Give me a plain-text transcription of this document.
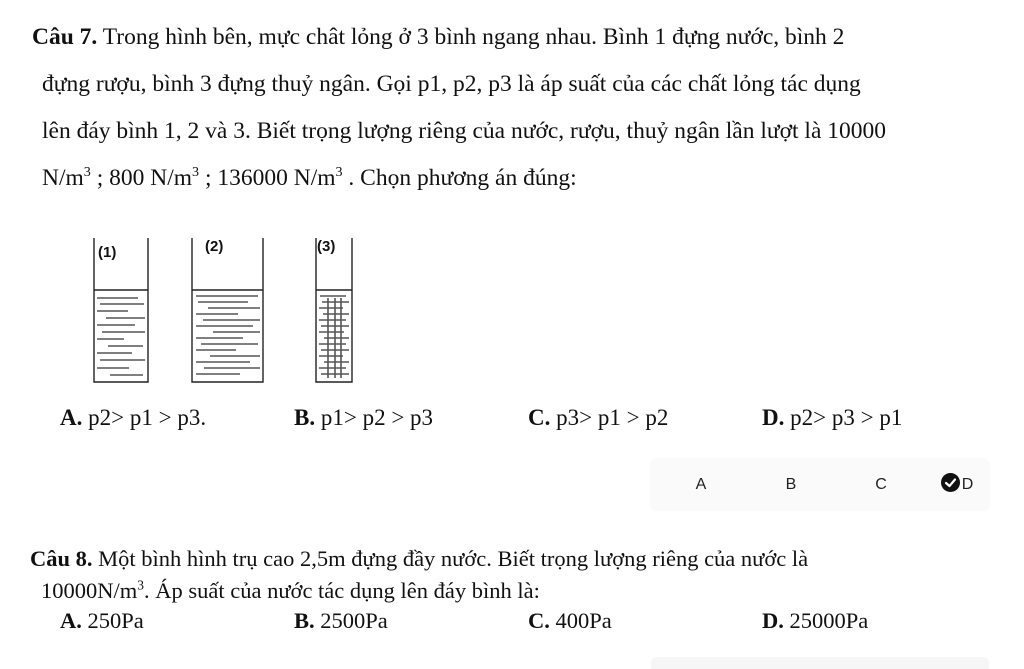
Câu 7. Trong hình bên, mực chât lỏng ở 3 bình ngang nhau. Bình 1 đựng nước, bình 2

đựng rượu, bình 3 đựng thuỷ ngân. Gọi p1, p2, p3 là áp suất của các chất lỏng tác dụng

lên đáy bình 1, 2 và 3. Biết trọng lượng riêng của nước, rượu, thuỷ ngân lần lượt là 10000

$N/m^3$ ; 800 $N/m^3$ ; 136000 $N/m^3$ . Chọn phương án đúng:

(1)	(2)	(3)
A. p2> p1 > p3.	B. p1> p2 > p3	C. p3> p1 > p2	D. p2> p3 > p1
A	B	C	D

Câu 8. Một bình hình trụ cao 2,5m đựng đầy nước. Biết trọng lượng riêng của nước là

$10000N/m^3$. Áp suất của nước tác dụng lên đáy bình là:

A. 250Pa	B. 2500Pa	C. 400Pa	D. 25000Pa
